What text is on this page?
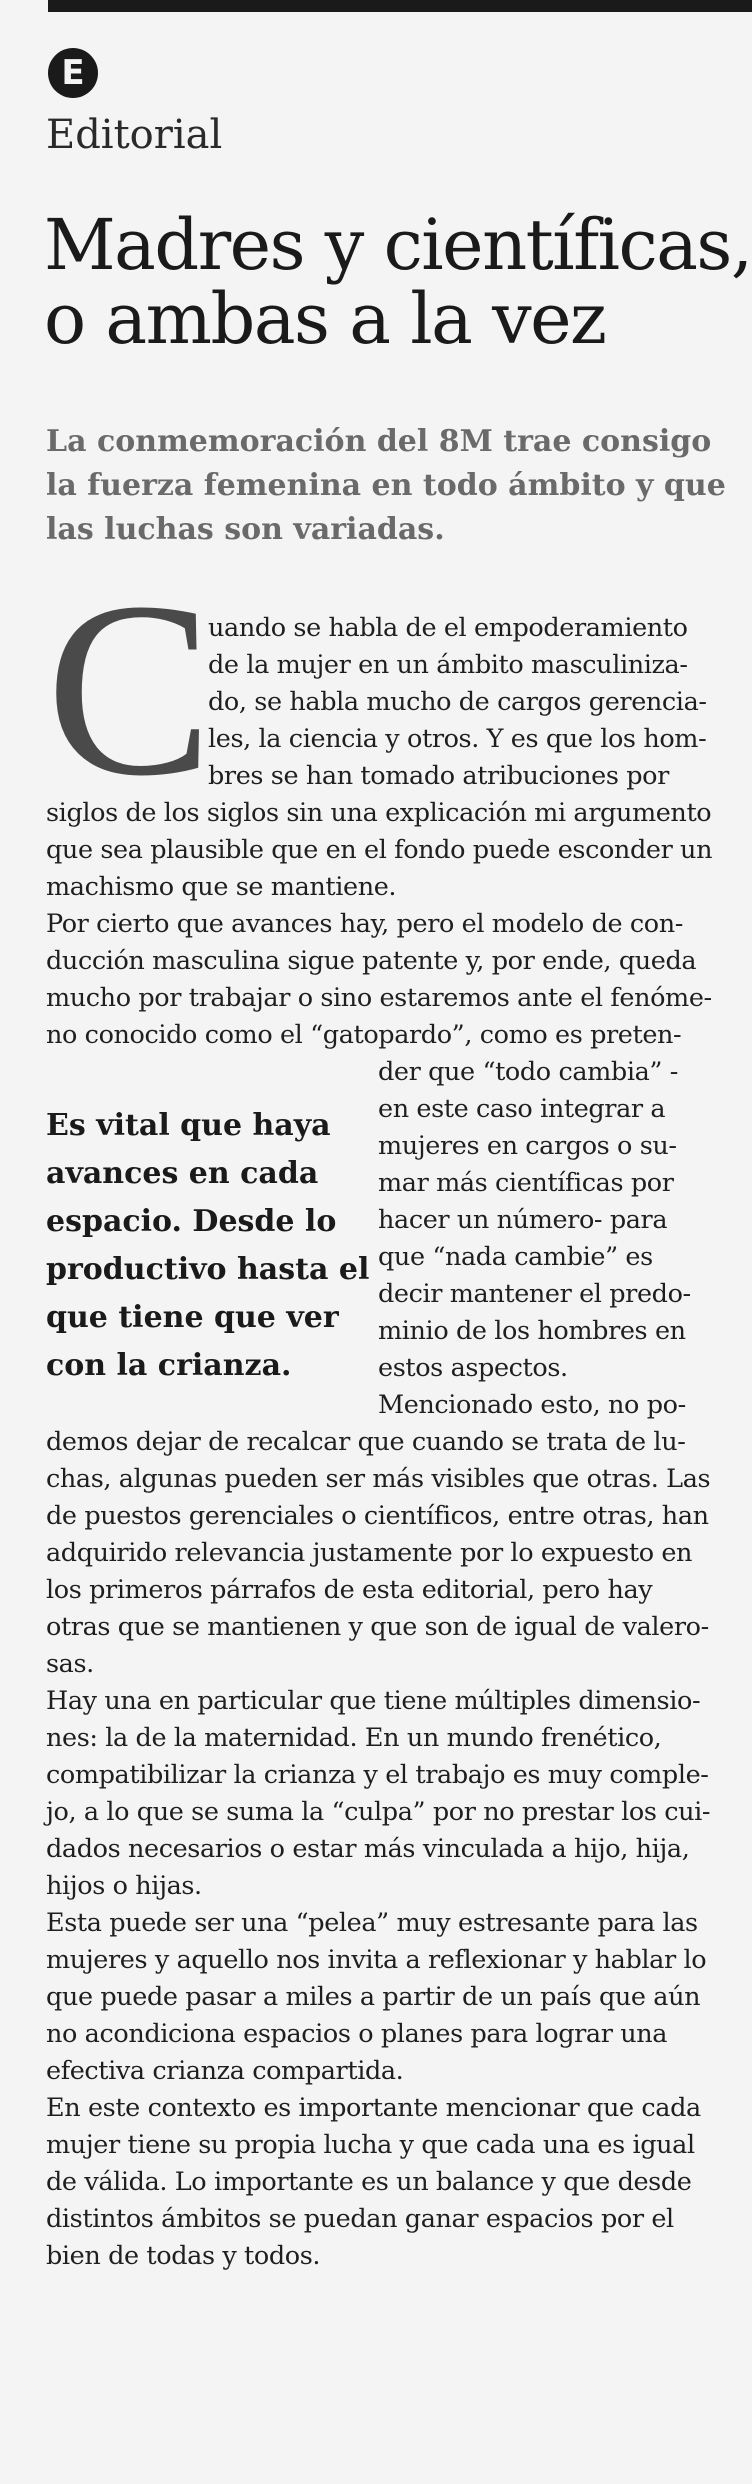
E
Editorial
Madres y científicas,
o ambas a la vez

La conmemoración del 8M trae consigo
la fuerza femenina en todo ámbito y que
las luchas son variadas.

C
uando se habla de el empoderamiento
de la mujer en un ámbito masculiniza-
do, se habla mucho de cargos gerencia-
les, la ciencia y otros. Y es que los hom-
bres se han tomado atribuciones por
siglos de los siglos sin una explicación mi argumento
que sea plausible que en el fondo puede esconder un
machismo que se mantiene.
Por cierto que avances hay, pero el modelo de con-
ducción masculina sigue patente y, por ende, queda
mucho por trabajar o sino estaremos ante el fenóme-
no conocido como el “gatopardo”, como es preten-
der que “todo cambia” -
en este caso integrar a
mujeres en cargos o su-
mar más científicas por
hacer un número- para
que “nada cambie” es
decir mantener el predo-
minio de los hombres en
estos aspectos.
Mencionado esto, no po-
Es vital que haya
avances en cada
espacio. Desde lo
productivo hasta el
que tiene que ver
con la crianza.
demos dejar de recalcar que cuando se trata de lu-
chas, algunas pueden ser más visibles que otras. Las
de puestos gerenciales o científicos, entre otras, han
adquirido relevancia justamente por lo expuesto en
los primeros párrafos de esta editorial, pero hay
otras que se mantienen y que son de igual de valero-
sas.
Hay una en particular que tiene múltiples dimensio-
nes: la de la maternidad. En un mundo frenético,
compatibilizar la crianza y el trabajo es muy comple-
jo, a lo que se suma la “culpa” por no prestar los cui-
dados necesarios o estar más vinculada a hijo, hija,
hijos o hijas.
Esta puede ser una “pelea” muy estresante para las
mujeres y aquello nos invita a reflexionar y hablar lo
que puede pasar a miles a partir de un país que aún
no acondiciona espacios o planes para lograr una
efectiva crianza compartida.
En este contexto es importante mencionar que cada
mujer tiene su propia lucha y que cada una es igual
de válida. Lo importante es un balance y que desde
distintos ámbitos se puedan ganar espacios por el
bien de todas y todos.
